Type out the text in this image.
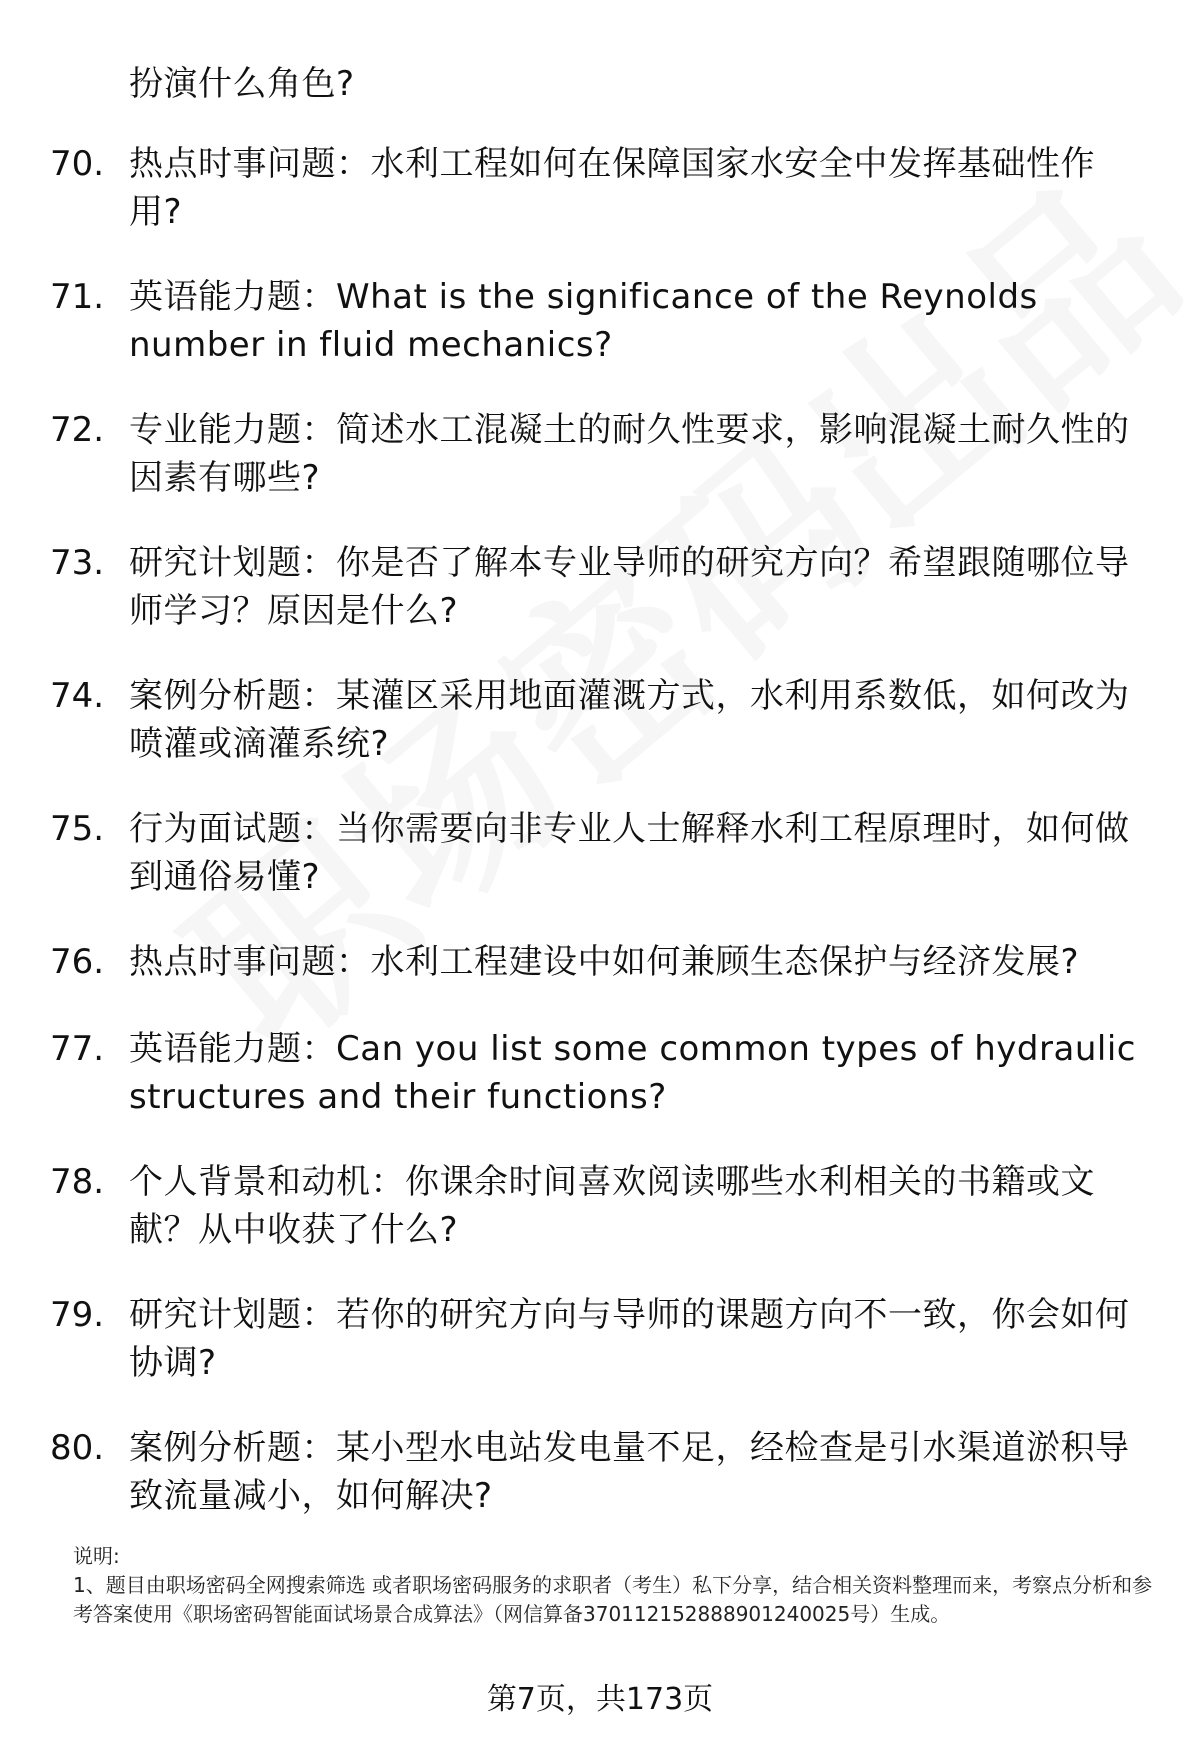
扮演什么角色?
70. 热点时事问题：水利工程如何在保障国家水安全中发挥基础性作用?
71. 英语能力题：What is the significance of the Reynolds number in fluid mechanics?
72. 专业能力题：简述水工混凝土的耐久性要求，影响混凝土耐久性的因素有哪些?
73. 研究计划题：你是否了解本专业导师的研究方向？希望跟随哪位导师学习？原因是什么?
74. 案例分析题：某灌区采用地面灌溉方式，水利用系数低，如何改为喷灌或滴灌系统?
75. 行为面试题：当你需要向非专业人士解释水利工程原理时，如何做到通俗易懂?
76. 热点时事问题：水利工程建设中如何兼顾生态保护与经济发展?
77. 英语能力题：Can you list some common types of hydraulic structures and their functions?
78. 个人背景和动机：你课余时间喜欢阅读哪些水利相关的书籍或文献？从中收获了什么?
79. 研究计划题：若你的研究方向与导师的课题方向不一致，你会如何协调?
80. 案例分析题：某小型水电站发电量不足，经检查是引水渠道淤积导致流量减小，如何解决?
说明:
1、题目由职场密码全网搜索筛选 或者职场密码服务的求职者（考生）私下分享，结合相关资料整理而来，考察点分析和参考答案使用《职场密码智能面试场景合成算法》（网信算备370112152888901240025号）生成。
第7页，共173页
